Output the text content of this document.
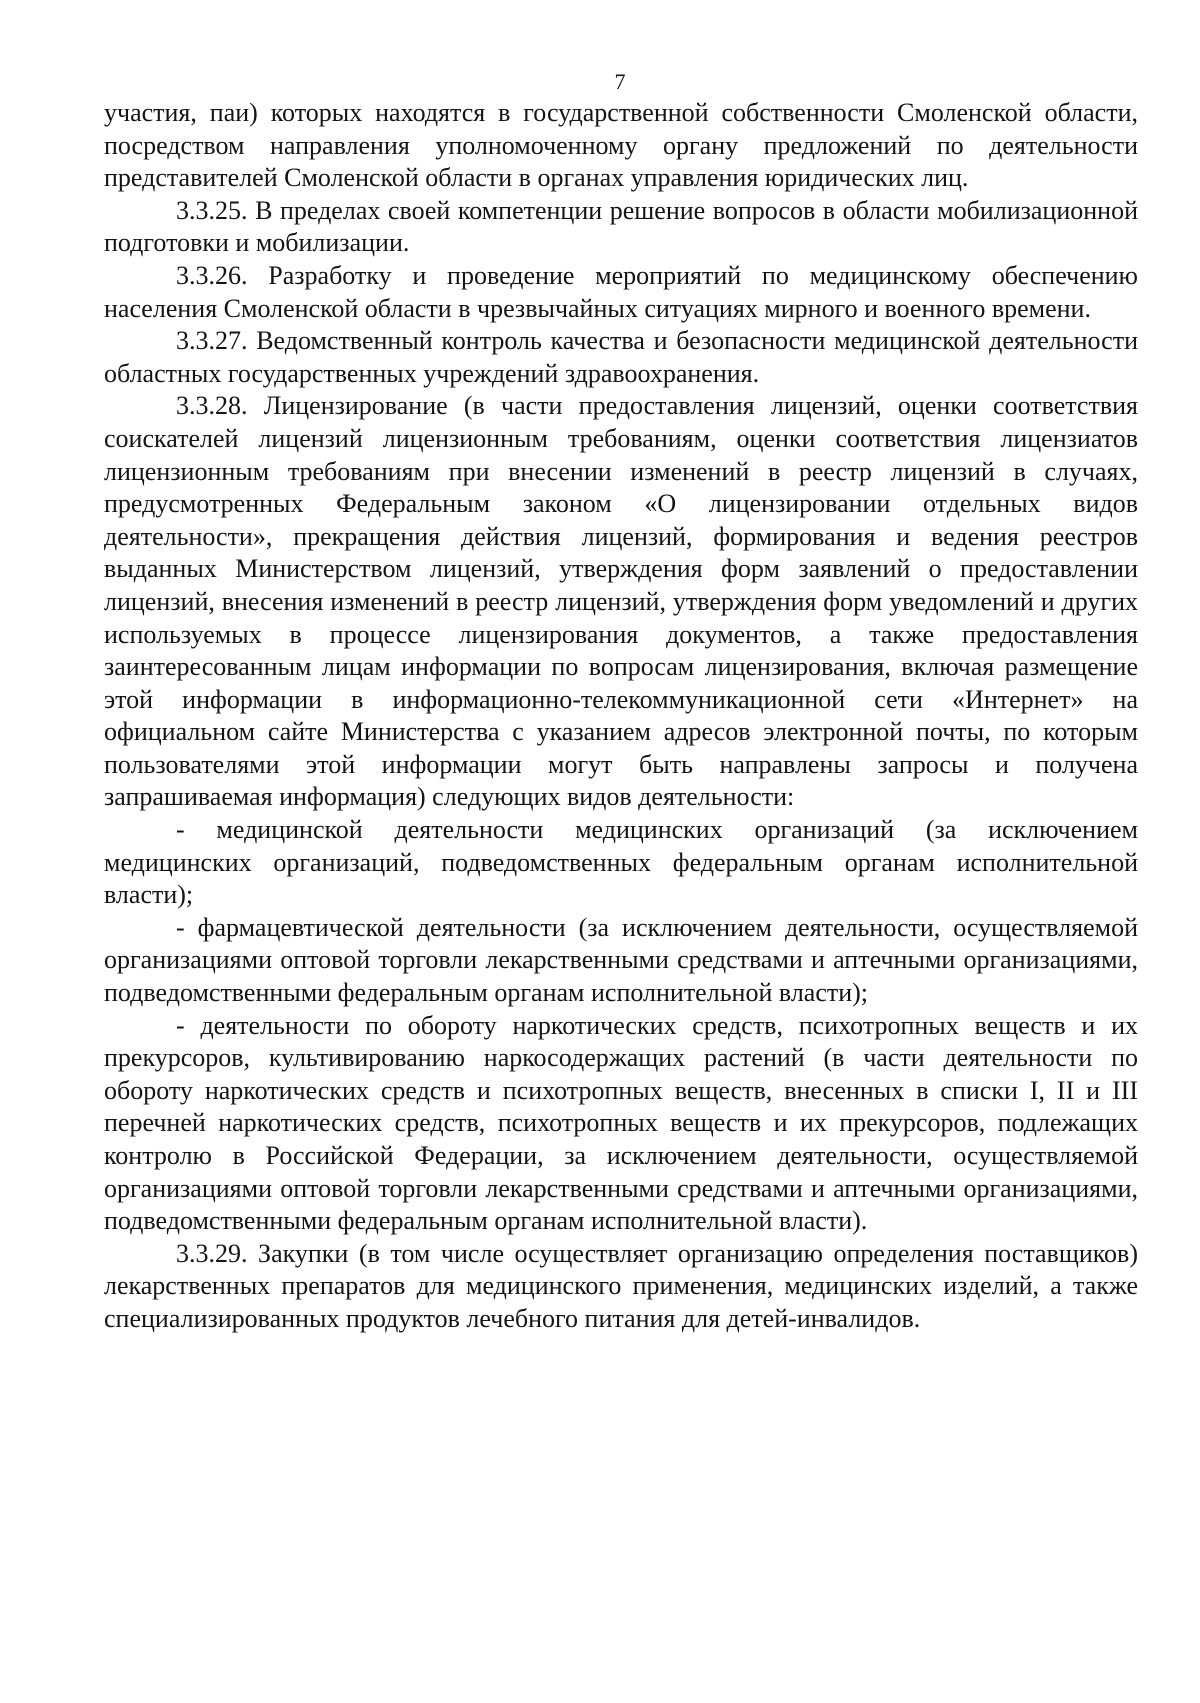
7

участия, паи) которых находятся в государственной собственности Смоленской области, посредством направления уполномоченному органу предложений по деятельности представителей Смоленской области в органах управления юридических лиц.

3.3.25. В пределах своей компетенции решение вопросов в области мобилизационной подготовки и мобилизации.

3.3.26. Разработку и проведение мероприятий по медицинскому обеспечению населения Смоленской области в чрезвычайных ситуациях мирного и военного времени.

3.3.27. Ведомственный контроль качества и безопасности медицинской деятельности областных государственных учреждений здравоохранения.

3.3.28. Лицензирование (в части предоставления лицензий, оценки соответствия соискателей лицензий лицензионным требованиям, оценки соответствия лицензиатов лицензионным требованиям при внесении изменений в реестр лицензий в случаях, предусмотренных Федеральным законом «О лицензировании отдельных видов деятельности», прекращения действия лицензий, формирования и ведения реестров выданных Министерством лицензий, утверждения форм заявлений о предоставлении лицензий, внесения изменений в реестр лицензий, утверждения форм уведомлений и других используемых в процессе лицензирования документов, а также предоставления заинтересованным лицам информации по вопросам лицензирования, включая размещение этой информации в информационно-телекоммуникационной сети «Интернет» на официальном сайте Министерства с указанием адресов электронной почты, по которым пользователями этой информации могут быть направлены запросы и получена запрашиваемая информация) следующих видов деятельности:

- медицинской деятельности медицинских организаций (за исключением медицинских организаций, подведомственных федеральным органам исполнительной власти);

- фармацевтической деятельности (за исключением деятельности, осуществляемой организациями оптовой торговли лекарственными средствами и аптечными организациями, подведомственными федеральным органам исполнительной власти);

- деятельности по обороту наркотических средств, психотропных веществ и их прекурсоров, культивированию наркосодержащих растений (в части деятельности по обороту наркотических средств и психотропных веществ, внесенных в списки I, II и III перечней наркотических средств, психотропных веществ и их прекурсоров, подлежащих контролю в Российской Федерации, за исключением деятельности, осуществляемой организациями оптовой торговли лекарственными средствами и аптечными организациями, подведомственными федеральным органам исполнительной власти).

3.3.29. Закупки (в том числе осуществляет организацию определения поставщиков) лекарственных препаратов для медицинского применения, медицинских изделий, а также специализированных продуктов лечебного питания для детей-инвалидов.
